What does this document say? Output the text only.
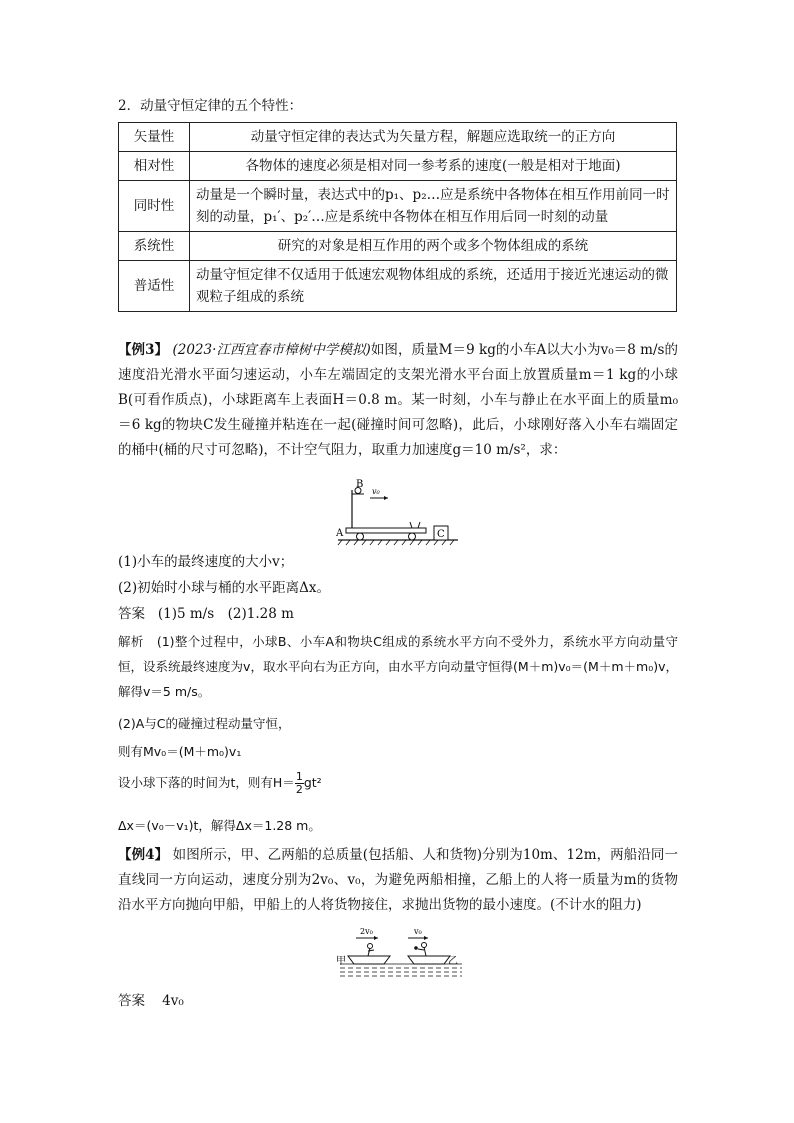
2．动量守恒定律的五个特性：
矢量性	动量守恒定律的表达式为矢量方程，解题应选取统一的正方向
相对性	各物体的速度必须是相对同一参考系的速度(一般是相对于地面)
同时性	动量是一个瞬时量，表达式中的p₁、p₂…应是系统中各物体在相互作用前同一时刻的动量，p₁′、p₂′…应是系统中各物体在相互作用后同一时刻的动量
系统性	研究的对象是相互作用的两个或多个物体组成的系统
普适性	动量守恒定律不仅适用于低速宏观物体组成的系统，还适用于接近光速运动的微观粒子组成的系统
【例3】 (2023·江西宜春市樟树中学模拟)如图，质量M＝9 kg的小车A以大小为v₀＝8 m/s的速度沿光滑水平面匀速运动，小车左端固定的支架光滑水平台面上放置质量m＝1 kg的小球B(可看作质点)，小球距离车上表面H＝0.8 m。某一时刻，小车与静止在水平面上的质量m₀＝6 kg的物块C发生碰撞并粘连在一起(碰撞时间可忽略)，此后，小球刚好落入小车右端固定的桶中(桶的尺寸可忽略)，不计空气阻力，取重力加速度g＝10 m/s²，求：
B
v₀
A	C
(1)小车的最终速度的大小v；
(2)初始时小球与桶的水平距离Δx。
答案 (1)5 m/s　(2)1.28 m
解析 (1)整个过程中，小球B、小车A和物块C组成的系统水平方向不受外力，系统水平方向动量守恒，设系统最终速度为v，取水平向右为正方向，由水平方向动量守恒得(M＋m)v₀＝(M＋m＋m₀)v，解得v＝5 m/s。
(2)A与C的碰撞过程动量守恒，
则有Mv₀＝(M＋m₀)v₁
设小球下落的时间为t，则有$H= \frac{1}{2} gt^2$
Δx＝(v₀－v₁)t，解得Δx＝1.28 m。
【例4】 如图所示，甲、乙两船的总质量(包括船、人和货物)分别为10m、12m，两船沿同一直线同一方向运动，速度分别为2v₀、v₀，为避免两船相撞，乙船上的人将一质量为m的货物沿水平方向抛向甲船，甲船上的人将货物接住，求抛出货物的最小速度。(不计水的阻力)
2v₀	v₀
甲	乙
答案 4v₀
